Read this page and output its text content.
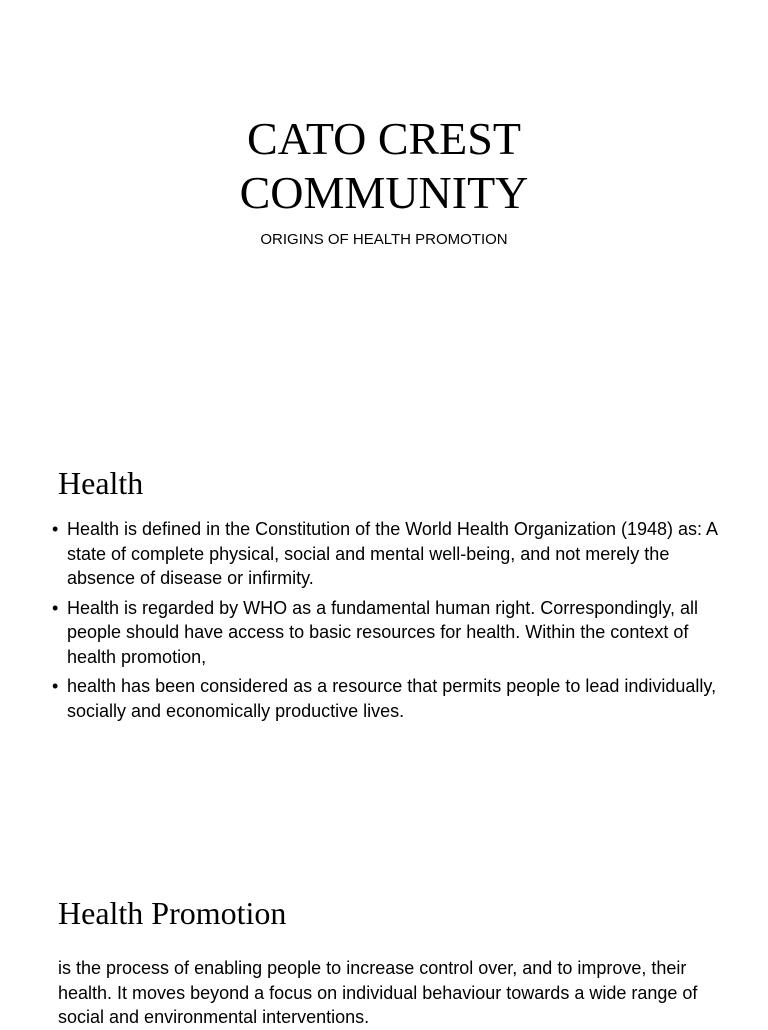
CATO CREST
COMMUNITY

ORIGINS OF HEALTH PROMOTION

Health
• Health is defined in the Constitution of the World Health Organization (1948) as: A state of complete physical, social and mental well-being, and not merely the absence of disease or infirmity.
• Health is regarded by WHO as a fundamental human right. Correspondingly, all people should have access to basic resources for health. Within the context of health promotion,
• health has been considered as a resource that permits people to lead individually, socially and economically productive lives.
Health Promotion

is the process of enabling people to increase control over, and to improve, their health. It moves beyond a focus on individual behaviour towards a wide range of social and environmental interventions.
